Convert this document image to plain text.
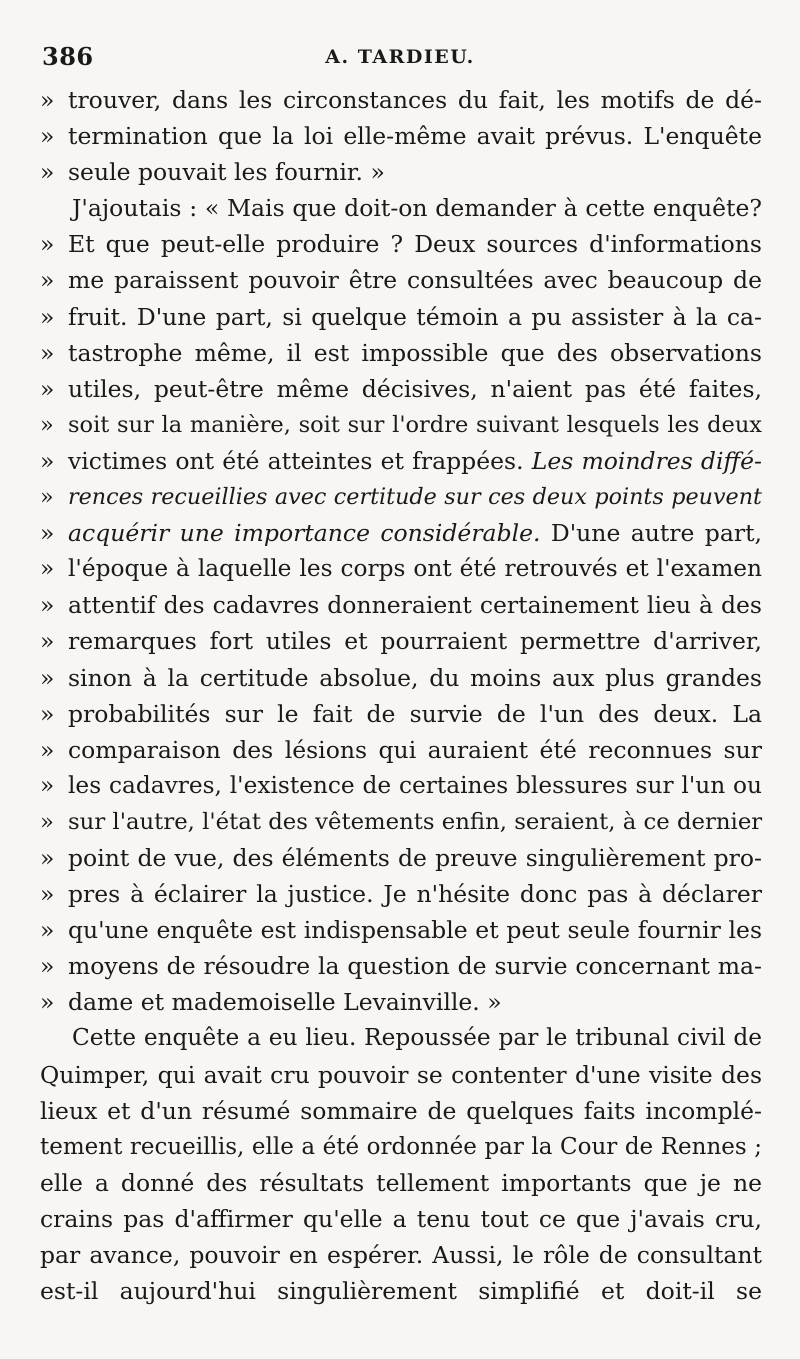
386	A. TARDIEU.
» trouver, dans les circonstances du fait, les motifs de dé-
» termination que la loi elle-même avait prévus. L'enquête
» seule pouvait les fournir. »
J'ajoutais : « Mais que doit-on demander à cette enquête?
» Et que peut-elle produire ? Deux sources d'informations
» me paraissent pouvoir être consultées avec beaucoup de
» fruit. D'une part, si quelque témoin a pu assister à la ca-
» tastrophe même, il est impossible que des observations
» utiles, peut-être même décisives, n'aient pas été faites,
» soit sur la manière, soit sur l'ordre suivant lesquels les deux
» victimes ont été atteintes et frappées. Les moindres diffé-
» rences recueillies avec certitude sur ces deux points peuvent
» acquérir une importance considérable. D'une autre part,
» l'époque à laquelle les corps ont été retrouvés et l'examen
» attentif des cadavres donneraient certainement lieu à des
» remarques fort utiles et pourraient permettre d'arriver,
» sinon à la certitude absolue, du moins aux plus grandes
» probabilités sur le fait de survie de l'un des deux. La
» comparaison des lésions qui auraient été reconnues sur
» les cadavres, l'existence de certaines blessures sur l'un ou
» sur l'autre, l'état des vêtements enfin, seraient, à ce dernier
» point de vue, des éléments de preuve singulièrement pro-
» pres à éclairer la justice. Je n'hésite donc pas à déclarer
» qu'une enquête est indispensable et peut seule fournir les
» moyens de résoudre la question de survie concernant ma-
» dame et mademoiselle Levainville. »
Cette enquête a eu lieu. Repoussée par le tribunal civil de
Quimper, qui avait cru pouvoir se contenter d'une visite des
lieux et d'un résumé sommaire de quelques faits incomplé-
tement recueillis, elle a été ordonnée par la Cour de Rennes ;
elle a donné des résultats tellement importants que je ne
crains pas d'affirmer qu'elle a tenu tout ce que j'avais cru,
par avance, pouvoir en espérer. Aussi, le rôle de consultant
est-il aujourd'hui singulièrement simplifié et doit-il se
